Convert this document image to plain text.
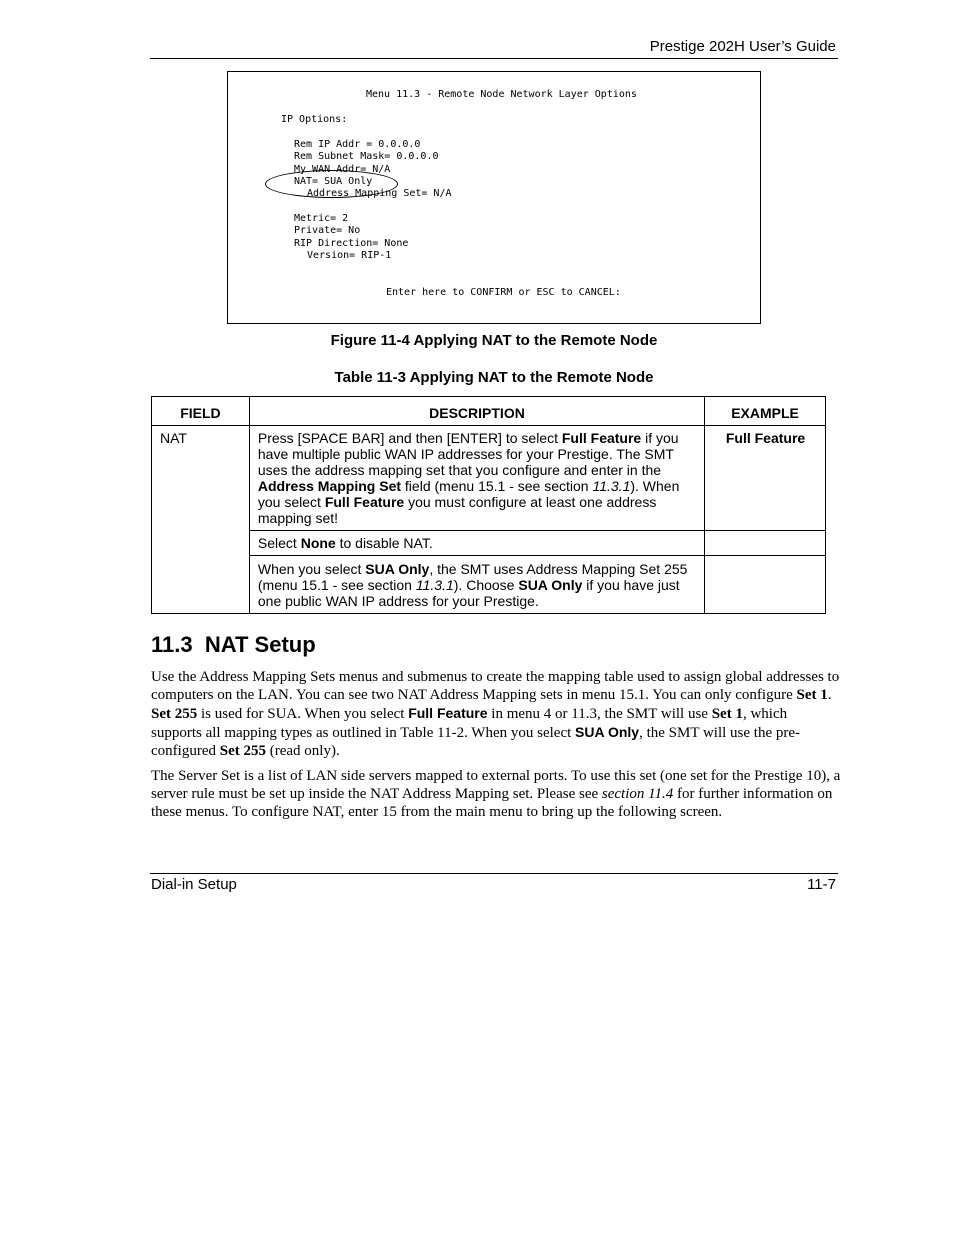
Prestige 202H User’s Guide
Menu 11.3 - Remote Node Network Layer Options
IP Options:
Rem IP Addr = 0.0.0.0
Rem Subnet Mask= 0.0.0.0
My WAN Addr= N/A
NAT= SUA Only
Address Mapping Set= N/A
Metric= 2
Private= No
RIP Direction= None
Version= RIP-1
Enter here to CONFIRM or ESC to CANCEL:
Figure 11-4 Applying NAT to the Remote Node
Table 11-3 Applying NAT to the Remote Node
FIELD	DESCRIPTION	EXAMPLE
NAT	Press [SPACE BAR] and then [ENTER] to select Full Feature if you have multiple public WAN IP addresses for your Prestige. The SMT uses the address mapping set that you configure and enter in the Address Mapping Set field (menu 15.1 - see section 11.3.1). When you select Full Feature you must configure at least one address mapping set!	Full Feature
	Select None to disable NAT.	
	When you select SUA Only, the SMT uses Address Mapping Set 255 (menu 15.1 - see section 11.3.1). Choose SUA Only if you have just one public WAN IP address for your Prestige.	
11.3 NAT Setup

Use the Address Mapping Sets menus and submenus to create the mapping table used to assign global addresses to computers on the LAN. You can see two NAT Address Mapping sets in menu 15.1. You can only configure Set 1. Set 255 is used for SUA. When you select Full Feature in menu 4 or 11.3, the SMT will use Set 1, which supports all mapping types as outlined in Table 11-2. When you select SUA Only, the SMT will use the pre-configured Set 255 (read only).

The Server Set is a list of LAN side servers mapped to external ports. To use this set (one set for the Prestige 10), a server rule must be set up inside the NAT Address Mapping set. Please see section 11.4 for further information on these menus. To configure NAT, enter 15 from the main menu to bring up the following screen.

Dial-in Setup	11-7
